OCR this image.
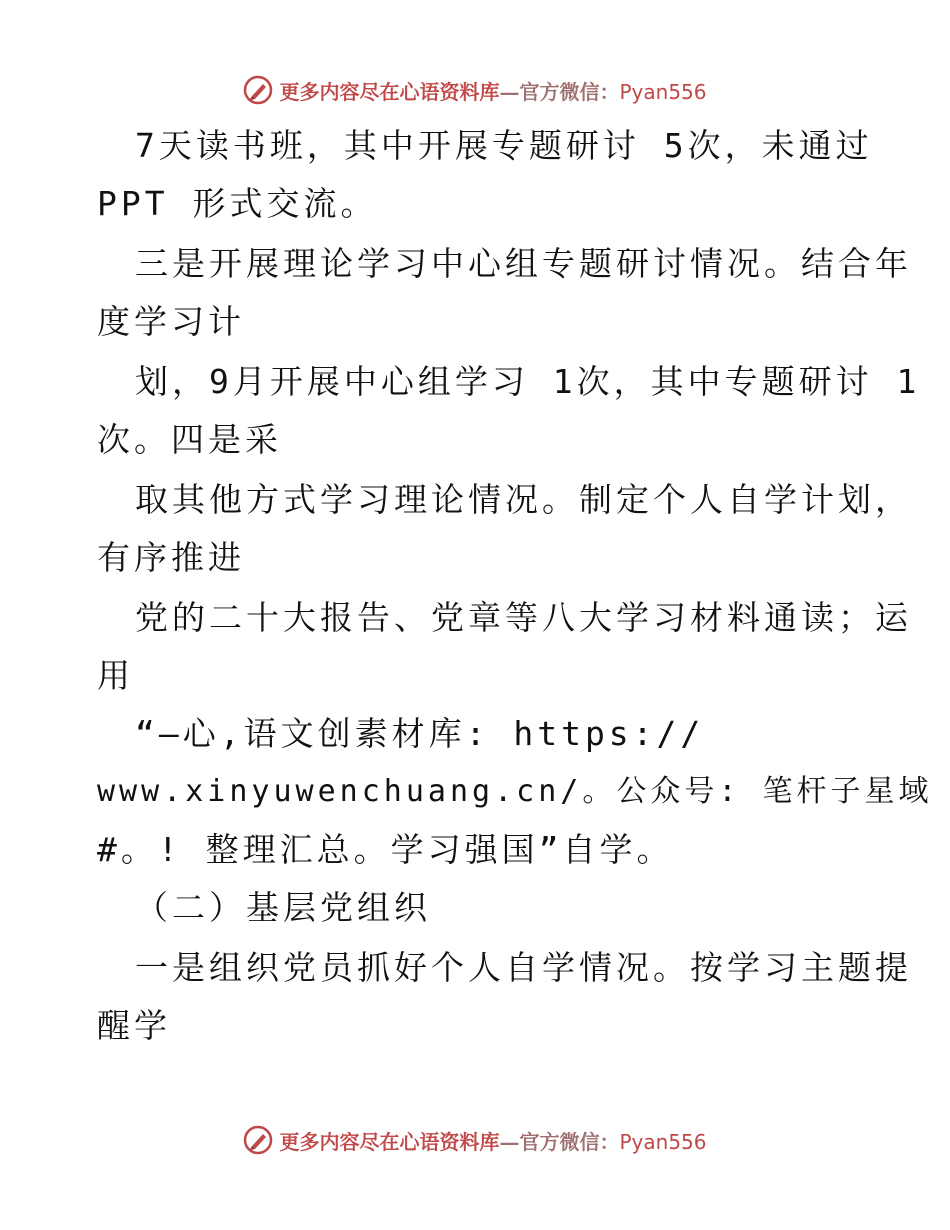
更多内容尽在心语资料库—官方微信：Pyan556
7天读书班，其中开展专题研讨 5次，未通过
PPT 形式交流。
三是开展理论学习中心组专题研讨情况。结合年
度学习计
划，9月开展中心组学习 1次，其中专题研讨 1
次。四是采
取其他方式学习理论情况。制定个人自学计划，
有序推进
党的二十大报告、党章等八大学习材料通读；运
用
“—心,语文创素材库: https://
www.xinyuwenchuang.cn/。公众号: 笔杆子星域
#。! 整理汇总。学习强国”自学。
（二）基层党组织
一是组织党员抓好个人自学情况。按学习主题提
醒学
更多内容尽在心语资料库—官方微信：Pyan556
